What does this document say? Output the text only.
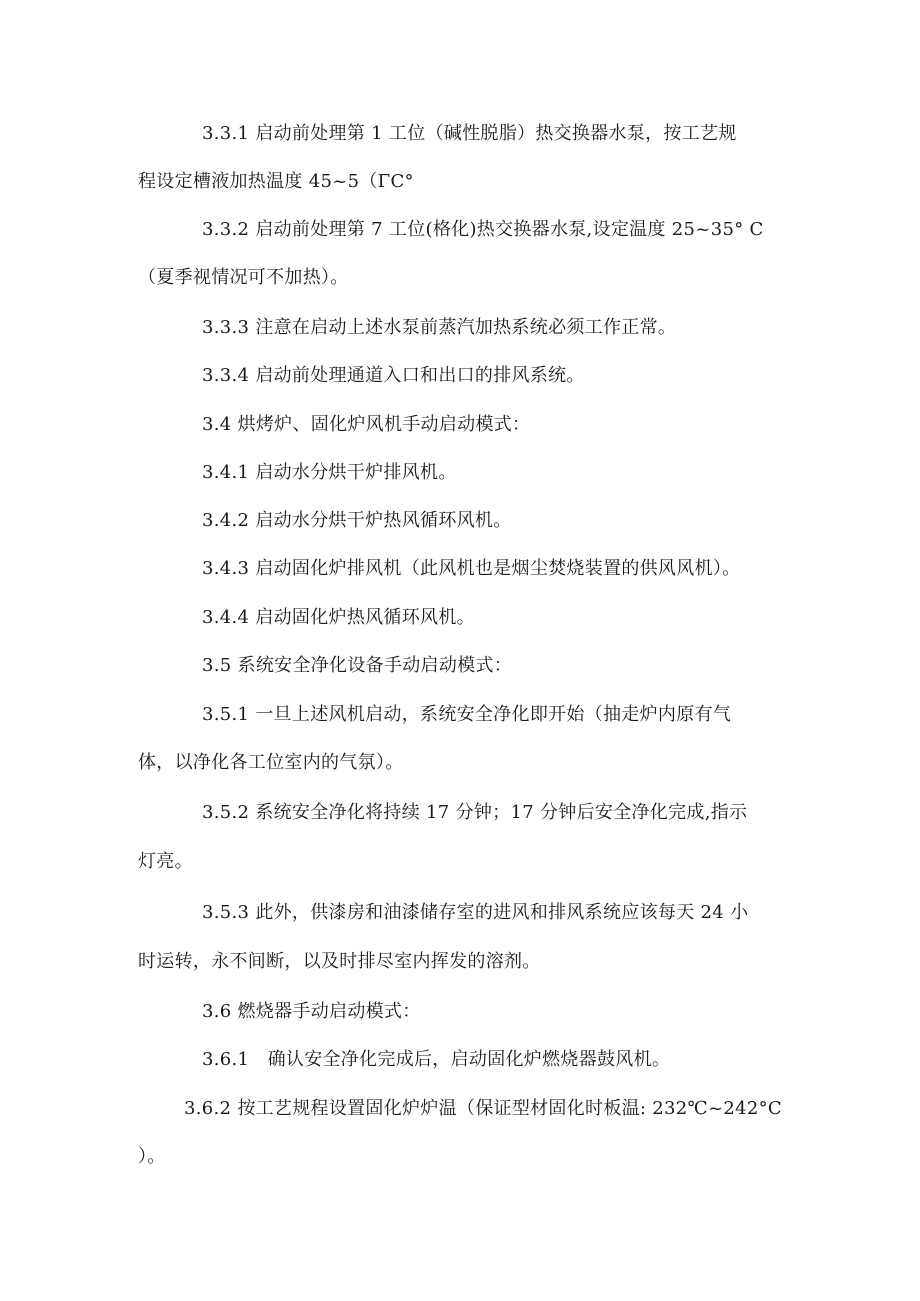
3.3.1 启动前处理第 1 工位（碱性脱脂）热交换器水泵，按工艺规
程设定槽液加热温度 45~5（ΓC°
3.3.2 启动前处理第 7 工位(格化)热交换器水泵,设定温度 25~35° C
（夏季视情况可不加热）。
3.3.3 注意在启动上述水泵前蒸汽加热系统必须工作正常。
3.3.4 启动前处理通道入口和出口的排风系统。
3.4 烘烤炉、固化炉风机手动启动模式：
3.4.1 启动水分烘干炉排风机。
3.4.2 启动水分烘干炉热风循环风机。
3.4.3 启动固化炉排风机（此风机也是烟尘焚烧装置的供风风机）。
3.4.4 启动固化炉热风循环风机。
3.5 系统安全净化设备手动启动模式：
3.5.1 一旦上述风机启动，系统安全净化即开始（抽走炉内原有气
体，以净化各工位室内的气氛）。
3.5.2 系统安全净化将持续 17 分钟；17 分钟后安全净化完成,指示
灯亮。
3.5.3 此外，供漆房和油漆储存室的进风和排风系统应该每天 24 小
时运转，永不间断，以及时排尽室内挥发的溶剂。
3.6 燃烧器手动启动模式：
3.6.1　确认安全净化完成后，启动固化炉燃烧器鼓风机。
3.6.2 按工艺规程设置固化炉炉温（保证型材固化时板温: 232℃~242°C
）。
